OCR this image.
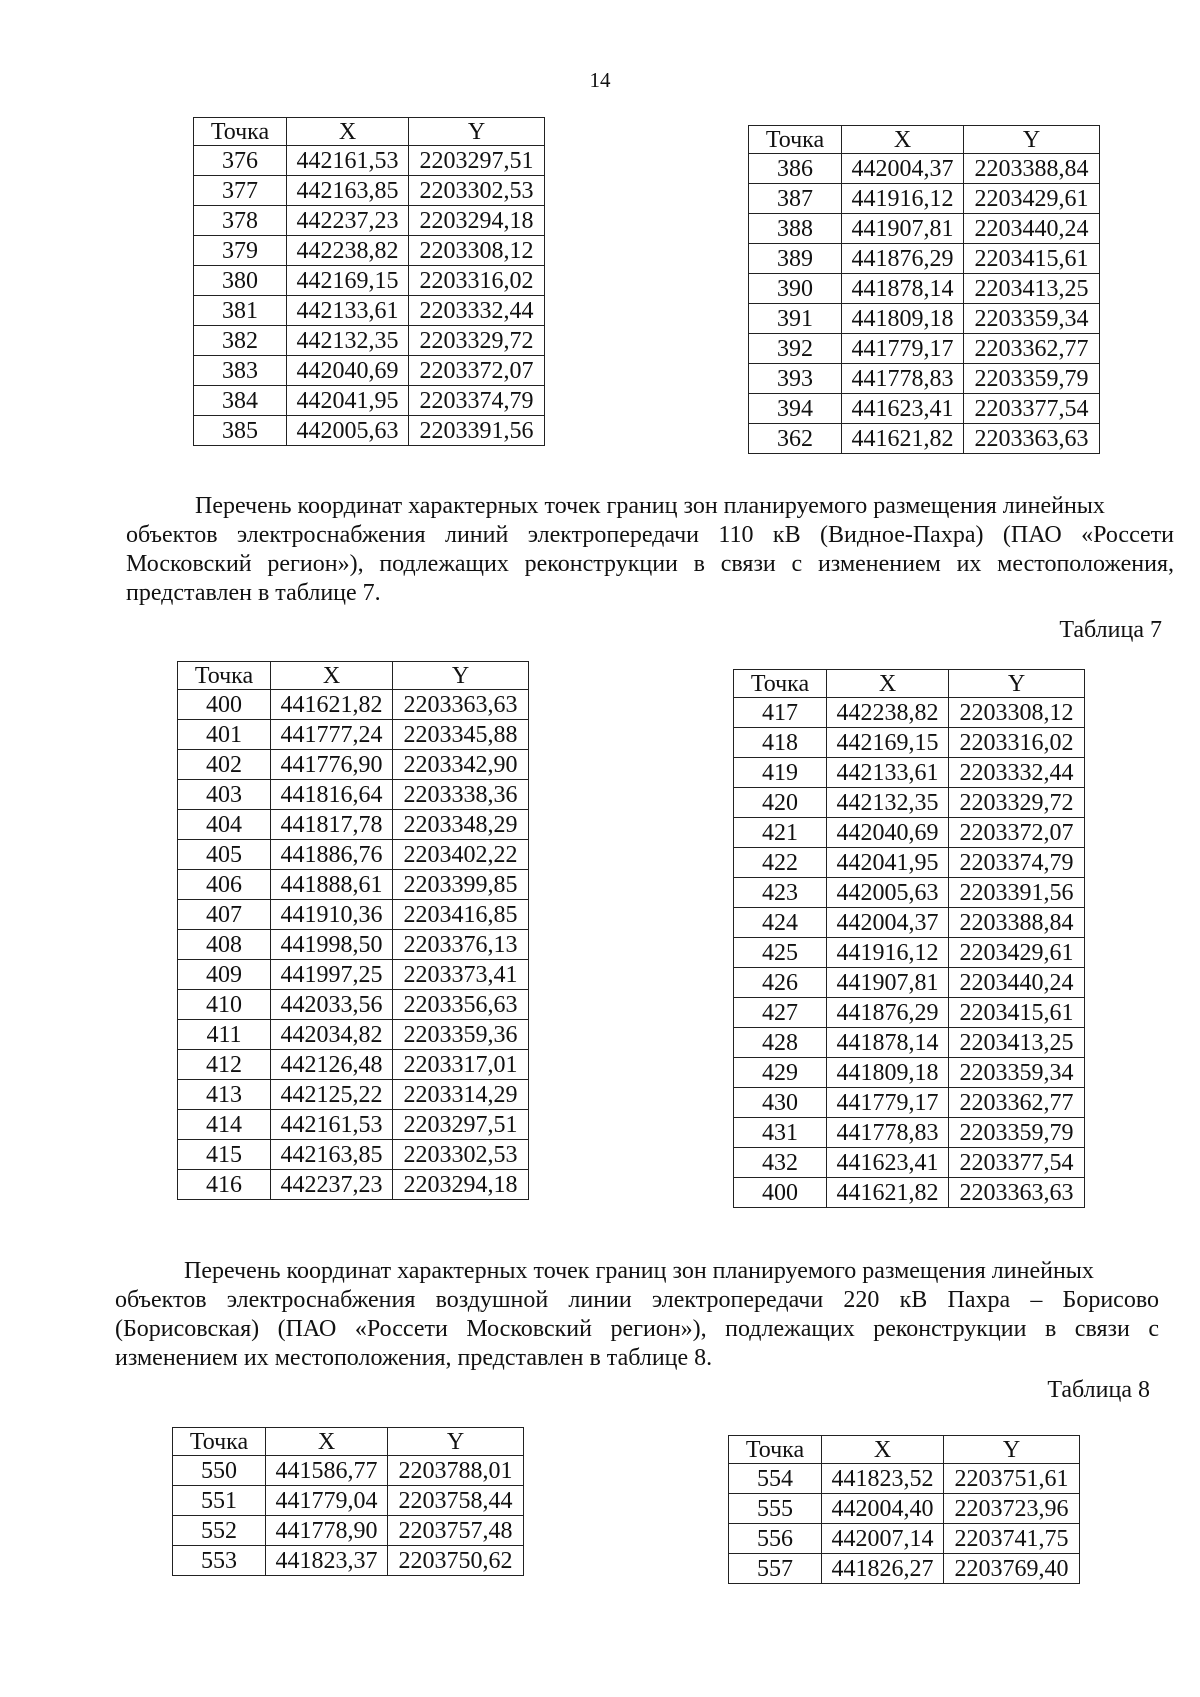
14
Точка	X	Y
376	442161,53	2203297,51
377	442163,85	2203302,53
378	442237,23	2203294,18
379	442238,82	2203308,12
380	442169,15	2203316,02
381	442133,61	2203332,44
382	442132,35	2203329,72
383	442040,69	2203372,07
384	442041,95	2203374,79
385	442005,63	2203391,56
Точка	X	Y
386	442004,37	2203388,84
387	441916,12	2203429,61
388	441907,81	2203440,24
389	441876,29	2203415,61
390	441878,14	2203413,25
391	441809,18	2203359,34
392	441779,17	2203362,77
393	441778,83	2203359,79
394	441623,41	2203377,54
362	441621,82	2203363,63

Перечень координат характерных точек границ зон планируемого размещения линейных
объектов электроснабжения линий электропередачи 110 кВ (Видное-Пахра) (ПАО «Россети Московский регион»), подлежащих реконструкции в связи с изменением их местоположения, представлен в таблице 7.

Таблица 7

Точка	X	Y
400	441621,82	2203363,63
401	441777,24	2203345,88
402	441776,90	2203342,90
403	441816,64	2203338,36
404	441817,78	2203348,29
405	441886,76	2203402,22
406	441888,61	2203399,85
407	441910,36	2203416,85
408	441998,50	2203376,13
409	441997,25	2203373,41
410	442033,56	2203356,63
411	442034,82	2203359,36
412	442126,48	2203317,01
413	442125,22	2203314,29
414	442161,53	2203297,51
415	442163,85	2203302,53
416	442237,23	2203294,18
Точка	X	Y
417	442238,82	2203308,12
418	442169,15	2203316,02
419	442133,61	2203332,44
420	442132,35	2203329,72
421	442040,69	2203372,07
422	442041,95	2203374,79
423	442005,63	2203391,56
424	442004,37	2203388,84
425	441916,12	2203429,61
426	441907,81	2203440,24
427	441876,29	2203415,61
428	441878,14	2203413,25
429	441809,18	2203359,34
430	441779,17	2203362,77
431	441778,83	2203359,79
432	441623,41	2203377,54
400	441621,82	2203363,63

Перечень координат характерных точек границ зон планируемого размещения линейных
объектов электроснабжения воздушной линии электропередачи 220 кВ Пахра – Борисово (Борисовская) (ПАО «Россети Московский регион»), подлежащих реконструкции в связи с изменением их местоположения, представлен в таблице 8.

Таблица 8

Точка	X	Y
550	441586,77	2203788,01
551	441779,04	2203758,44
552	441778,90	2203757,48
553	441823,37	2203750,62
Точка	X	Y
554	441823,52	2203751,61
555	442004,40	2203723,96
556	442007,14	2203741,75
557	441826,27	2203769,40
